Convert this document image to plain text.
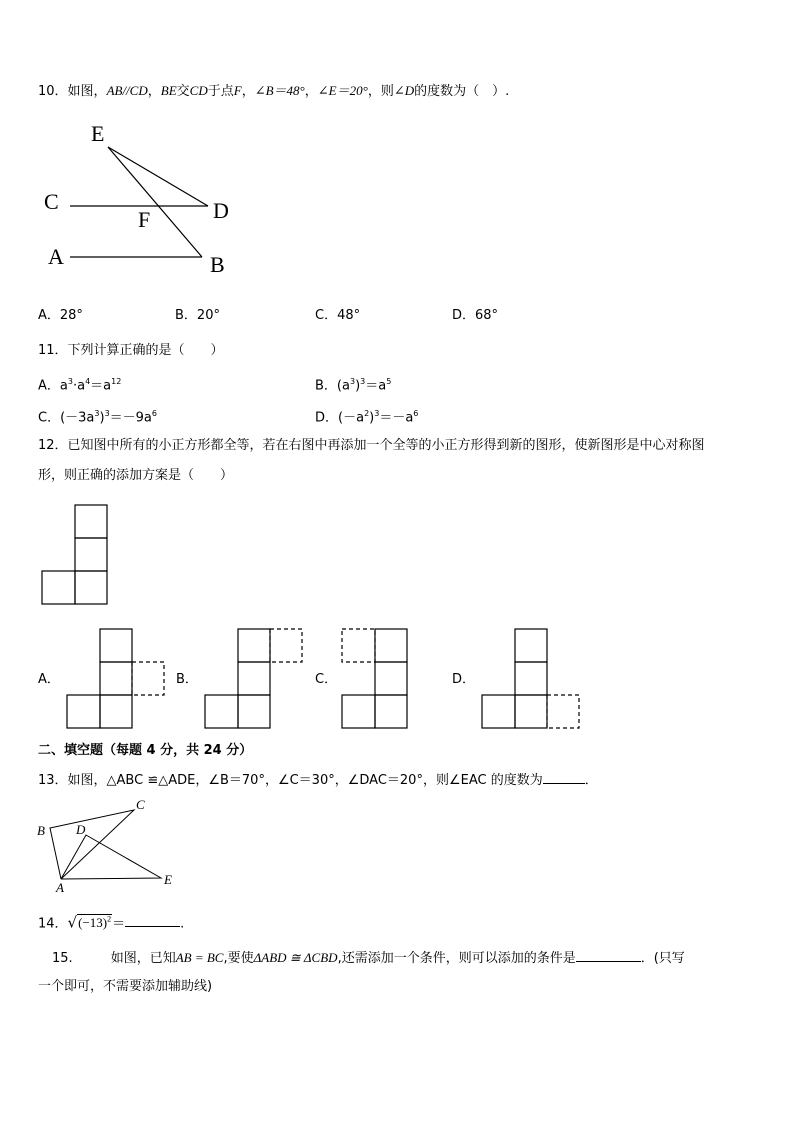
10．如图，AB//CD，BE交CD于点F，∠B＝48°，∠E＝20°，则∠D的度数为（　）.
E
C
F	D
A	B
A．28°	B．20°	C．48°	D．68°
11．下列计算正确的是（　　）
A．$a^3\cdot a^4=a^{12}$	B．$(a^3)^3=a^5$
C．$(-3a^3)^3=-9a^6$	D．$(-a^2)^3=-a^6$
12．已知图中所有的小正方形都全等，若在右图中再添加一个全等的小正方形得到新的图形，使新图形是中心对称图
形，则正确的添加方案是（　　）
A．	B．	C．	D．
二、填空题（每题 4 分，共 24 分）
13．如图，△ABC ≌△ADE，∠B＝70°，∠C＝30°，∠DAC＝20°，则∠EAC 的度数为	．
B
C
D
A
E
14．$√(-13)^2=$	.
15.	如图，已知AB = BC,要使ΔABD ≅ ΔCBD,还需添加一个条件，则可以添加的条件是	．(只写
一个即可，不需要添加辅助线)
